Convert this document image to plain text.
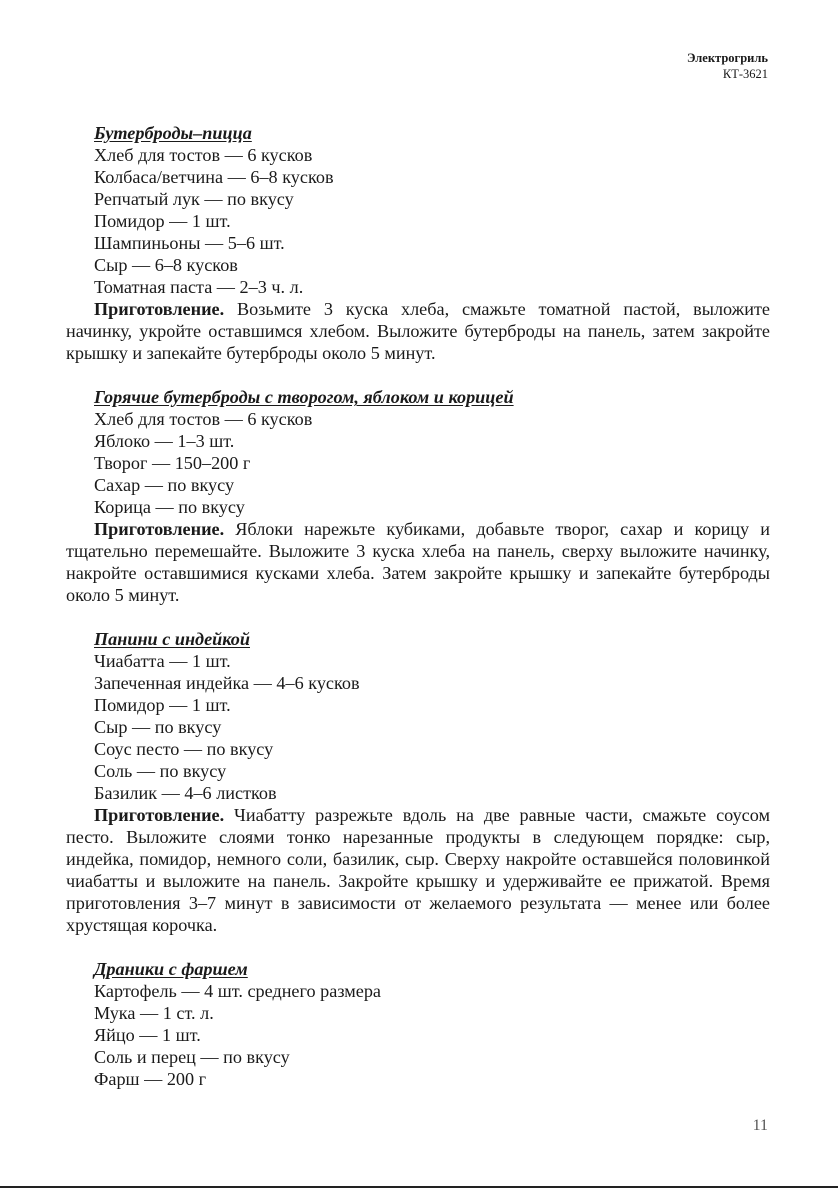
Электрогриль
КТ-3621
Бутерброды–пицца
Хлеб для тостов — 6 кусков
Колбаса/ветчина — 6–8 кусков
Репчатый лук — по вкусу
Помидор — 1 шт.
Шампиньоны — 5–6 шт.
Сыр — 6–8 кусков
Томатная паста — 2–3 ч. л.

Приготовление. Возьмите 3 куска хлеба, смажьте томатной пастой, выложите начинку, укройте оставшимся хлебом. Выложите бутерброды на панель, затем закройте крышку и запекайте бутерброды около 5 минут.

Горячие бутерброды с творогом, яблоком и корицей
Хлеб для тостов — 6 кусков
Яблоко — 1–3 шт.
Творог — 150–200 г
Сахар — по вкусу
Корица — по вкусу

Приготовление. Яблоки нарежьте кубиками, добавьте творог, сахар и корицу и тщательно перемешайте. Выложите 3 куска хлеба на панель, сверху выложите начинку, накройте оставшимися кусками хлеба. Затем закройте крышку и запекайте бутерброды около 5 минут.

Панини с индейкой
Чиабатта — 1 шт.
Запеченная индейка — 4–6 кусков
Помидор — 1 шт.
Сыр — по вкусу
Соус песто — по вкусу
Соль — по вкусу
Базилик — 4–6 листков

Приготовление. Чиабатту разрежьте вдоль на две равные части, смажьте соусом песто. Выложите слоями тонко нарезанные продукты в следующем порядке: сыр, индейка, помидор, немного соли, базилик, сыр. Сверху накройте оставшейся половинкой чиабатты и выложите на панель. Закройте крышку и удерживайте ее прижатой. Время приготовления 3–7 минут в зависимости от желаемого результата — менее или более хрустящая корочка.

Драники с фаршем
Картофель — 4 шт. среднего размера
Мука — 1 ст. л.
Яйцо — 1 шт.
Соль и перец — по вкусу
Фарш — 200 г
11
